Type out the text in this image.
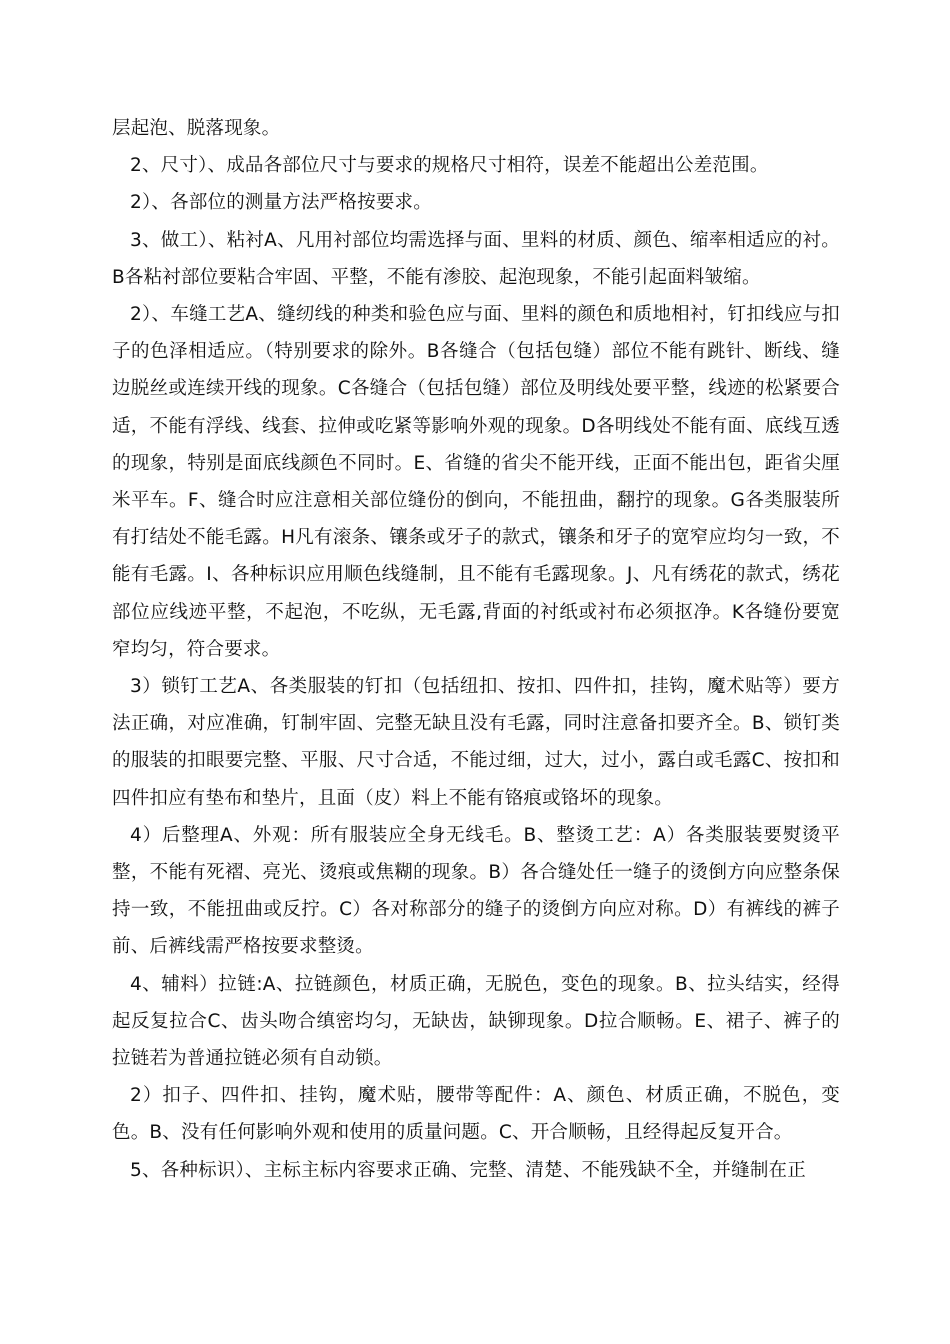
层起泡、脱落现象。

2、尺寸）、成品各部位尺寸与要求的规格尺寸相符，误差不能超出公差范围。

2）、各部位的测量方法严格按要求。

3、做工）、粘衬A、凡用衬部位均需选择与面、里料的材质、颜色、缩率相适应的衬。B各粘衬部位要粘合牢固、平整，不能有渗胶、起泡现象，不能引起面料皱缩。

2）、车缝工艺A、缝纫线的种类和验色应与面、里料的颜色和质地相衬，钉扣线应与扣子的色泽相适应。（特别要求的除外。B各缝合（包括包缝）部位不能有跳针、断线、缝边脱丝或连续开线的现象。C各缝合（包括包缝）部位及明线处要平整，线迹的松紧要合适，不能有浮线、线套、拉伸或吃紧等影响外观的现象。D各明线处不能有面、底线互透的现象，特别是面底线颜色不同时。E、省缝的省尖不能开线，正面不能出包，距省尖厘米平车。F、缝合时应注意相关部位缝份的倒向，不能扭曲，翻拧的现象。G各类服装所有打结处不能毛露。H凡有滚条、镶条或牙子的款式，镶条和牙子的宽窄应均匀一致，不能有毛露。I、各种标识应用顺色线缝制，且不能有毛露现象。J、凡有绣花的款式，绣花部位应线迹平整，不起泡，不吃纵，无毛露,背面的衬纸或衬布必须抠净。K各缝份要宽窄均匀，符合要求。

3）锁钉工艺A、各类服装的钉扣（包括纽扣、按扣、四件扣，挂钩，魔术贴等）要方法正确，对应准确，钉制牢固、完整无缺且没有毛露，同时注意备扣要齐全。B、锁钉类的服装的扣眼要完整、平服、尺寸合适，不能过细，过大，过小，露白或毛露C、按扣和四件扣应有垫布和垫片，且面（皮）料上不能有铬痕或铬坏的现象。

4）后整理A、外观：所有服装应全身无线毛。B、整烫工艺：A）各类服装要熨烫平整，不能有死褶、亮光、烫痕或焦糊的现象。B）各合缝处任一缝子的烫倒方向应整条保持一致，不能扭曲或反拧。C）各对称部分的缝子的烫倒方向应对称。D）有裤线的裤子前、后裤线需严格按要求整烫。

4、辅料）拉链:A、拉链颜色，材质正确，无脱色，变色的现象。B、拉头结实，经得起反复拉合C、齿头吻合缜密均匀，无缺齿，缺铆现象。D拉合顺畅。E、裙子、裤子的拉链若为普通拉链必须有自动锁。

2）扣子、四件扣、挂钩，魔术贴，腰带等配件：A、颜色、材质正确，不脱色，变色。B、没有任何影响外观和使用的质量问题。C、开合顺畅，且经得起反复开合。

5、各种标识）、主标主标内容要求正确、完整、清楚、不能残缺不全，并缝制在正
